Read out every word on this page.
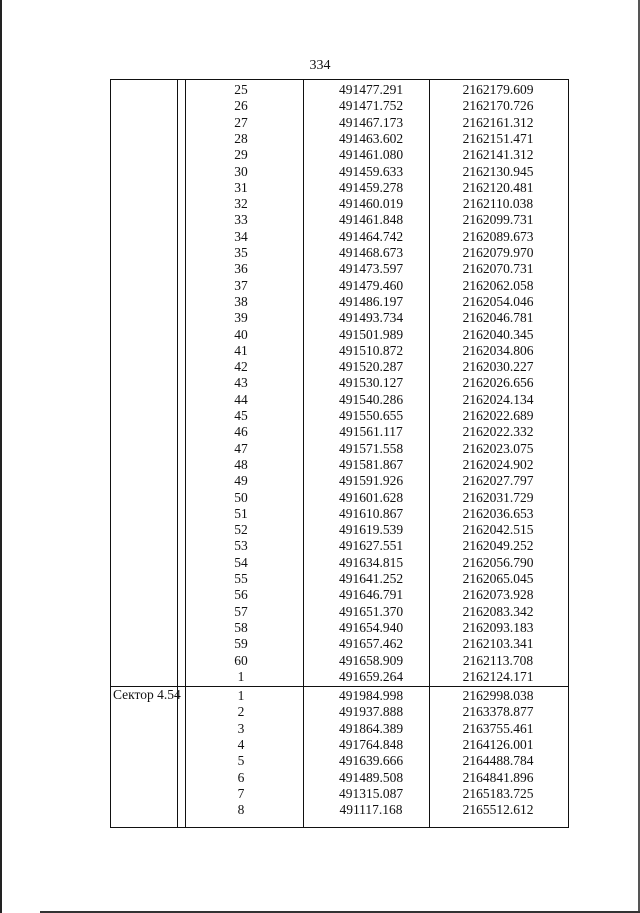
334
25	491477.291	2162179.609
26	491471.752	2162170.726
27	491467.173	2162161.312
28	491463.602	2162151.471
29	491461.080	2162141.312
30	491459.633	2162130.945
31	491459.278	2162120.481
32	491460.019	2162110.038
33	491461.848	2162099.731
34	491464.742	2162089.673
35	491468.673	2162079.970
36	491473.597	2162070.731
37	491479.460	2162062.058
38	491486.197	2162054.046
39	491493.734	2162046.781
40	491501.989	2162040.345
41	491510.872	2162034.806
42	491520.287	2162030.227
43	491530.127	2162026.656
44	491540.286	2162024.134
45	491550.655	2162022.689
46	491561.117	2162022.332
47	491571.558	2162023.075
48	491581.867	2162024.902
49	491591.926	2162027.797
50	491601.628	2162031.729
51	491610.867	2162036.653
52	491619.539	2162042.515
53	491627.551	2162049.252
54	491634.815	2162056.790
55	491641.252	2162065.045
56	491646.791	2162073.928
57	491651.370	2162083.342
58	491654.940	2162093.183
59	491657.462	2162103.341
60	491658.909	2162113.708
1	491659.264	2162124.171
Сектор 4.54	1	491984.998	2162998.038
2	491937.888	2163378.877
3	491864.389	2163755.461
4	491764.848	2164126.001
5	491639.666	2164488.784
6	491489.508	2164841.896
7	491315.087	2165183.725
8	491117.168	2165512.612
